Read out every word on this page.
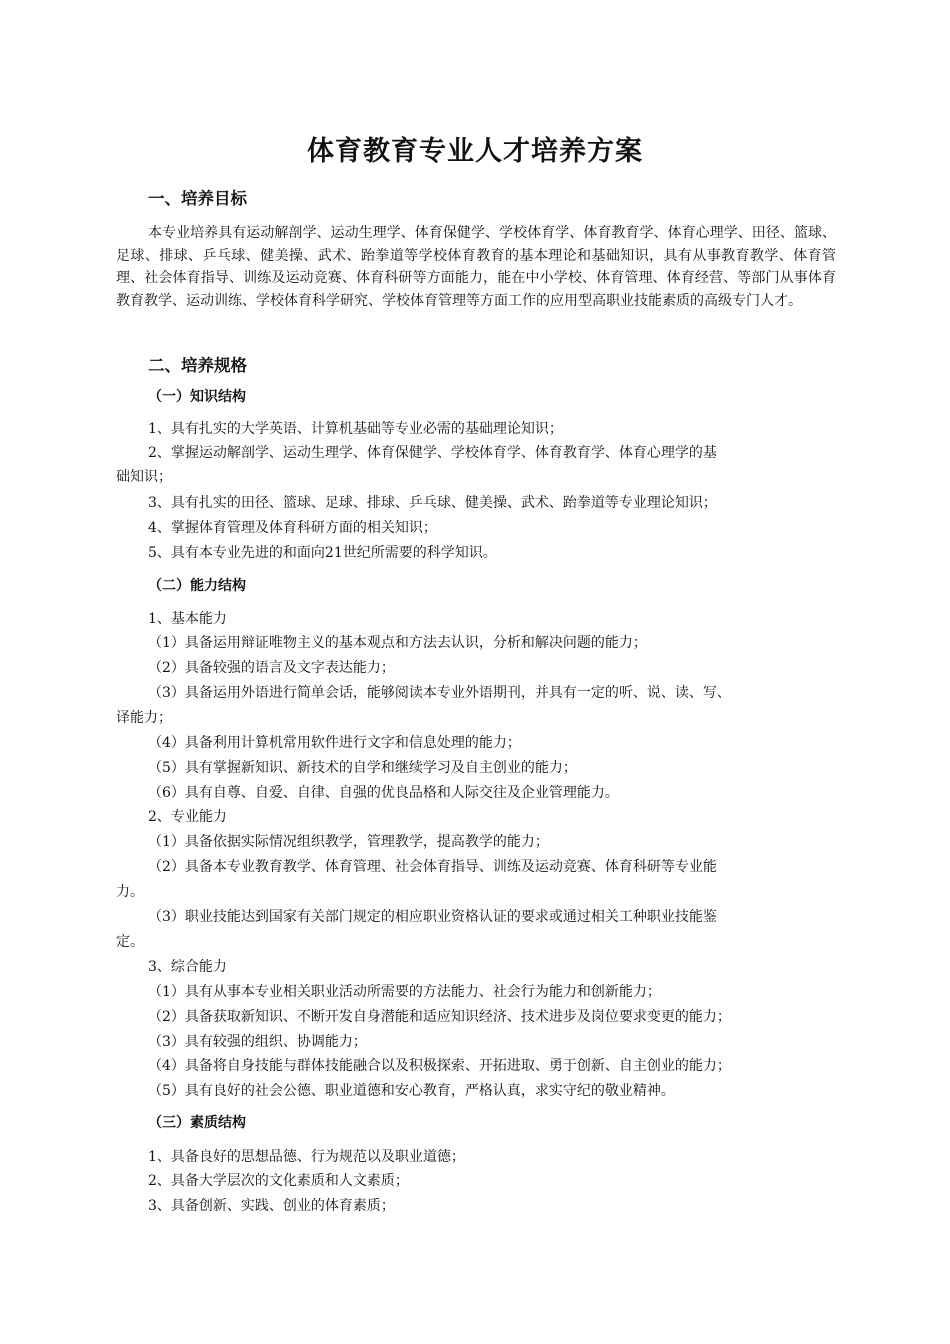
体育教育专业人才培养方案
一、培养目标
本专业培养具有运动解剖学、运动生理学、体育保健学、学校体育学、体育教育学、体育心理学、田径、篮球、足球、排球、乒乓球、健美操、武术、跆拳道等学校体育教育的基本理论和基础知识，具有从事教育教学、体育管理、社会体育指导、训练及运动竞赛、体育科研等方面能力，能在中小学校、体育管理、体育经营、等部门从事体育教育教学、运动训练、学校体育科学研究、学校体育管理等方面工作的应用型高职业技能素质的高级专门人才。
二、培养规格
（一）知识结构
1、具有扎实的大学英语、计算机基础等专业必需的基础理论知识；
2、掌握运动解剖学、运动生理学、体育保健学、学校体育学、体育教育学、体育心理学的基
础知识；
3、具有扎实的田径、篮球、足球、排球、乒乓球、健美操、武术、跆拳道等专业理论知识；
4、掌握体育管理及体育科研方面的相关知识；
5、具有本专业先进的和面向21世纪所需要的科学知识。
（二）能力结构
1、基本能力
（1）具备运用辩证唯物主义的基本观点和方法去认识，分析和解决问题的能力；
（2）具备较强的语言及文字表达能力；
（3）具备运用外语进行简单会话，能够阅读本专业外语期刊，并具有一定的听、说、读、写、
译能力；
（4）具备利用计算机常用软件进行文字和信息处理的能力；
（5）具有掌握新知识、新技术的自学和继续学习及自主创业的能力；
（6）具有自尊、自爱、自律、自强的优良品格和人际交往及企业管理能力。
2、专业能力
（1）具备依据实际情况组织教学，管理教学，提高教学的能力；
（2）具备本专业教育教学、体育管理、社会体育指导、训练及运动竞赛、体育科研等专业能
力。
（3）职业技能达到国家有关部门规定的相应职业资格认证的要求或通过相关工种职业技能鉴
定。
3、综合能力
（1）具有从事本专业相关职业活动所需要的方法能力、社会行为能力和创新能力；
（2）具备获取新知识、不断开发自身潜能和适应知识经济、技术进步及岗位要求变更的能力；
（3）具有较强的组织、协调能力；
（4）具备将自身技能与群体技能融合以及积极探索、开拓进取、勇于创新、自主创业的能力；
（5）具有良好的社会公德、职业道德和安心教育，严格认真，求实守纪的敬业精神。
（三）素质结构
1、具备良好的思想品德、行为规范以及职业道德；
2、具备大学层次的文化素质和人文素质；
3、具备创新、实践、创业的体育素质；
